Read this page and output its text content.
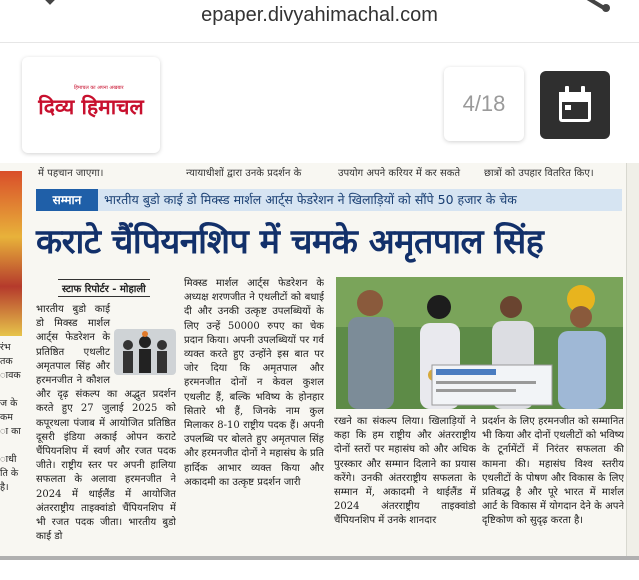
epaper.divyahimachal.com
हिमाचल का अपना अखबार
दिव्य हिमाचल	4/18
रंभ
तक
ावक

ज के
कम
ा का

ाधी
ति के
है।
में पहचान जाएगा।	न्यायाधीशों द्वारा उनके प्रदर्शन के	उपयोग अपने करियर में कर सकते छात्रों को उपहार वितरित किए।
सम्मान	भारतीय बुडो काई डो मिक्स्ड मार्शल आर्ट्स फेडरेशन ने खिलाड़ियों को सौंपे 50 हजार के चेक
कराटे चैंपियनशिप में चमके अमृतपाल सिंह
स्टाफ रिपोर्टर - मोहाली
भारतीय बुडो काई डो मिक्स्ड मार्शल आर्ट्स फेडरेशन के प्रतिष्ठित एथलीट अमृतपाल सिंह और हरमनजीत ने कौशल और दृढ़ संकल्प का अद्भुत प्रदर्शन करते हुए 27 जुलाई 2025 को कपूरथला पंजाब में आयोजित प्रतिष्ठित दूसरी इंडिया अकाई ओपन कराटे चैंपियनशिप में स्वर्ण और रजत पदक जीते। राष्ट्रीय स्तर पर अपनी हालिया सफलता के अलावा हरमनजीत ने 2024 में थाईलैंड में आयोजित अंतरराष्ट्रीय ताइक्वांडो चैंपियनशिप में भी रजत पदक जीता। भारतीय बुडो काई डो
मिक्स्ड मार्शल आर्ट्स फेडरेशन के अध्यक्ष शरणजीत ने एथलीटों को बधाई दी और उनकी उत्कृष्ट उपलब्धियों के लिए उन्हें 50000 रुपए का चेक प्रदान किया। अपनी उपलब्धियों पर गर्व व्यक्त करते हुए उन्होंने इस बात पर जोर दिया कि अमृतपाल और हरमनजीत दोनों न केवल कुशल एथलीट हैं, बल्कि भविष्य के होनहार सितारे भी हैं, जिनके नाम कुल मिलाकर 8-10 राष्ट्रीय पदक हैं। अपनी उपलब्धि पर बोलते हुए अमृतपाल सिंह और हरमनजीत दोनों ने महासंघ के प्रति हार्दिक आभार व्यक्त किया और अकादमी का उत्कृष्ट प्रदर्शन जारी
रखने का संकल्प लिया। खिलाड़ियों ने कहा कि हम राष्ट्रीय और अंतरराष्ट्रीय दोनों स्तरों पर महासंघ को और अधिक पुरस्कार और सम्मान दिलाने का प्रयास करेंगे। उनकी अंतरराष्ट्रीय सफलता के सम्मान में, अकादमी ने थाईलैंड में 2024 अंतरराष्ट्रीय ताइक्वांडो चैंपियनशिप में उनके शानदार
प्रदर्शन के लिए हरमनजीत को सम्मानित भी किया और दोनों एथलीटों को भविष्य के टूर्नामेंटों में निरंतर सफलता की कामना की। महासंघ विश्व स्तरीय एथलीटों के पोषण और विकास के लिए प्रतिबद्ध है और पूरे भारत में मार्शल आर्ट के विकास में योगदान देने के अपने दृष्टिकोण को सुदृढ़ करता है।
